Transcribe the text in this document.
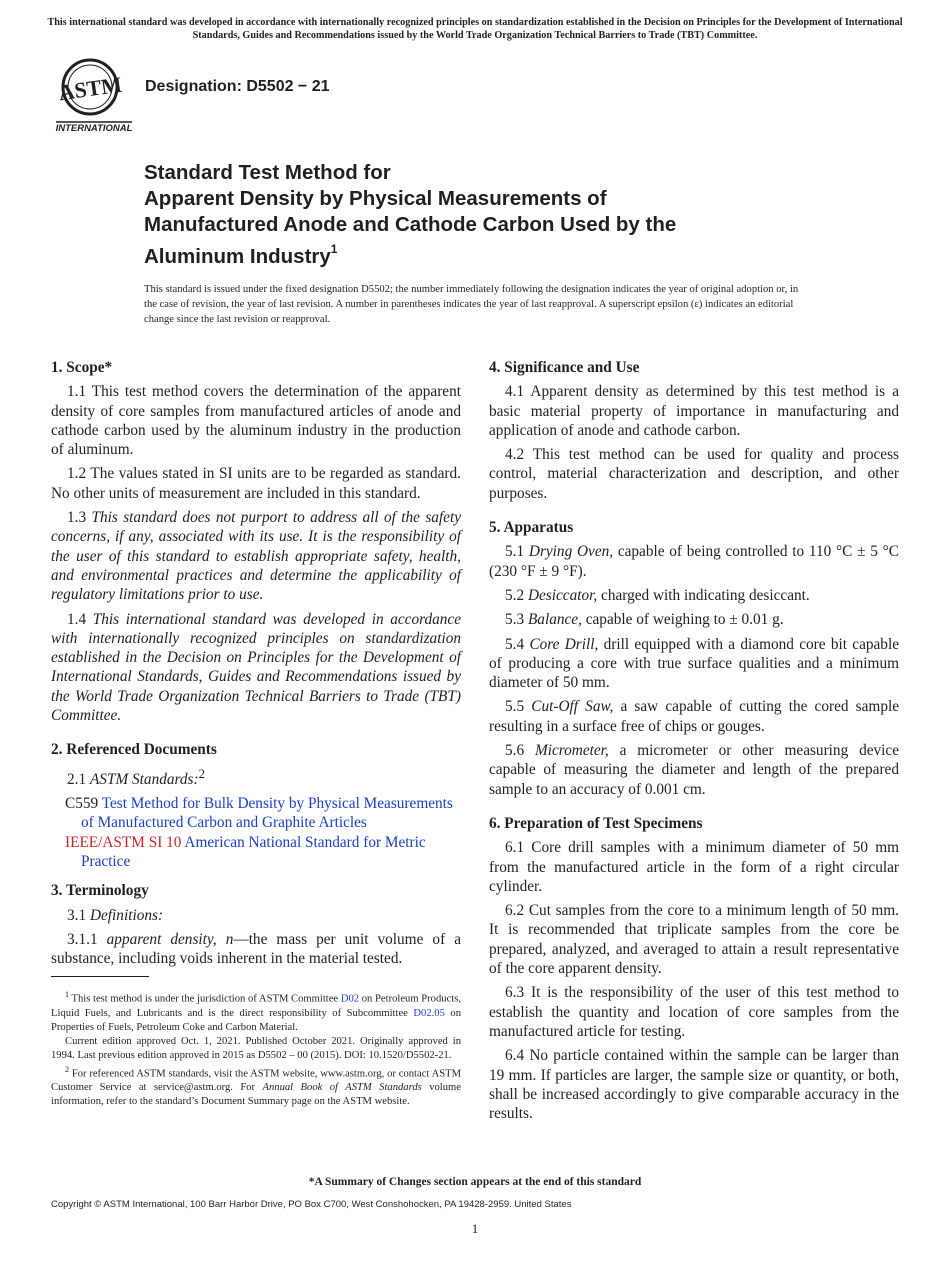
This international standard was developed in accordance with internationally recognized principles on standardization established in the Decision on Principles for the Development of International Standards, Guides and Recommendations issued by the World Trade Organization Technical Barriers to Trade (TBT) Committee.
ASTM
INTERNATIONAL
Designation: D5502 − 21
Standard Test Method for
Apparent Density by Physical Measurements of
Manufactured Anode and Cathode Carbon Used by the
Aluminum Industry$^1$
This standard is issued under the fixed designation D5502; the number immediately following the designation indicates the year of original adoption or, in the case of revision, the year of last revision. A number in parentheses indicates the year of last reapproval. A superscript epsilon (ε) indicates an editorial change since the last revision or reapproval.
1. Scope*
1.1 This test method covers the determination of the apparent density of core samples from manufactured articles of anode and cathode carbon used by the aluminum industry in the production of aluminum.
1.2 The values stated in SI units are to be regarded as standard. No other units of measurement are included in this standard.
1.3 This standard does not purport to address all of the safety concerns, if any, associated with its use. It is the responsibility of the user of this standard to establish appropriate safety, health, and environmental practices and determine the applicability of regulatory limitations prior to use.
1.4 This international standard was developed in accordance with internationally recognized principles on standardization established in the Decision on Principles for the Development of International Standards, Guides and Recommendations issued by the World Trade Organization Technical Barriers to Trade (TBT) Committee.
2. Referenced Documents
2.1 ASTM Standards:$^2$
C559 Test Method for Bulk Density by Physical Measurements of Manufactured Carbon and Graphite Articles
IEEE/ASTM SI 10 American National Standard for Metric Practice
3. Terminology
3.1 Definitions:
3.1.1 apparent density, n—the mass per unit volume of a substance, including voids inherent in the material tested.
$^1$ This test method is under the jurisdiction of ASTM Committee D02 on Petroleum Products, Liquid Fuels, and Lubricants and is the direct responsibility of Subcommittee D02.05 on Properties of Fuels, Petroleum Coke and Carbon Material.
Current edition approved Oct. 1, 2021. Published October 2021. Originally approved in 1994. Last previous edition approved in 2015 as D5502 – 00 (2015). DOI: 10.1520/D5502-21.
$^2$ For referenced ASTM standards, visit the ASTM website, www.astm.org, or contact ASTM Customer Service at service@astm.org. For Annual Book of ASTM Standards volume information, refer to the standard’s Document Summary page on the ASTM website.
4. Significance and Use
4.1 Apparent density as determined by this test method is a basic material property of importance in manufacturing and application of anode and cathode carbon.
4.2 This test method can be used for quality and process control, material characterization and description, and other purposes.
5. Apparatus
5.1 Drying Oven, capable of being controlled to 110 °C ± 5 °C (230 °F ± 9 °F).
5.2 Desiccator, charged with indicating desiccant.
5.3 Balance, capable of weighing to ± 0.01 g.
5.4 Core Drill, drill equipped with a diamond core bit capable of producing a core with true surface qualities and a minimum diameter of 50 mm.
5.5 Cut-Off Saw, a saw capable of cutting the cored sample resulting in a surface free of chips or gouges.
5.6 Micrometer, a micrometer or other measuring device capable of measuring the diameter and length of the prepared sample to an accuracy of 0.001 cm.
6. Preparation of Test Specimens
6.1 Core drill samples with a minimum diameter of 50 mm from the manufactured article in the form of a right circular cylinder.
6.2 Cut samples from the core to a minimum length of 50 mm. It is recommended that triplicate samples from the core be prepared, analyzed, and averaged to attain a result representative of the core apparent density.
6.3 It is the responsibility of the user of this test method to establish the quantity and location of core samples from the manufactured article for testing.
6.4 No particle contained within the sample can be larger than 19 mm. If particles are larger, the sample size or quantity, or both, shall be increased accordingly to give comparable accuracy in the results.
*A Summary of Changes section appears at the end of this standard
Copyright © ASTM International, 100 Barr Harbor Drive, PO Box C700, West Conshohocken, PA 19428-2959. United States
1
